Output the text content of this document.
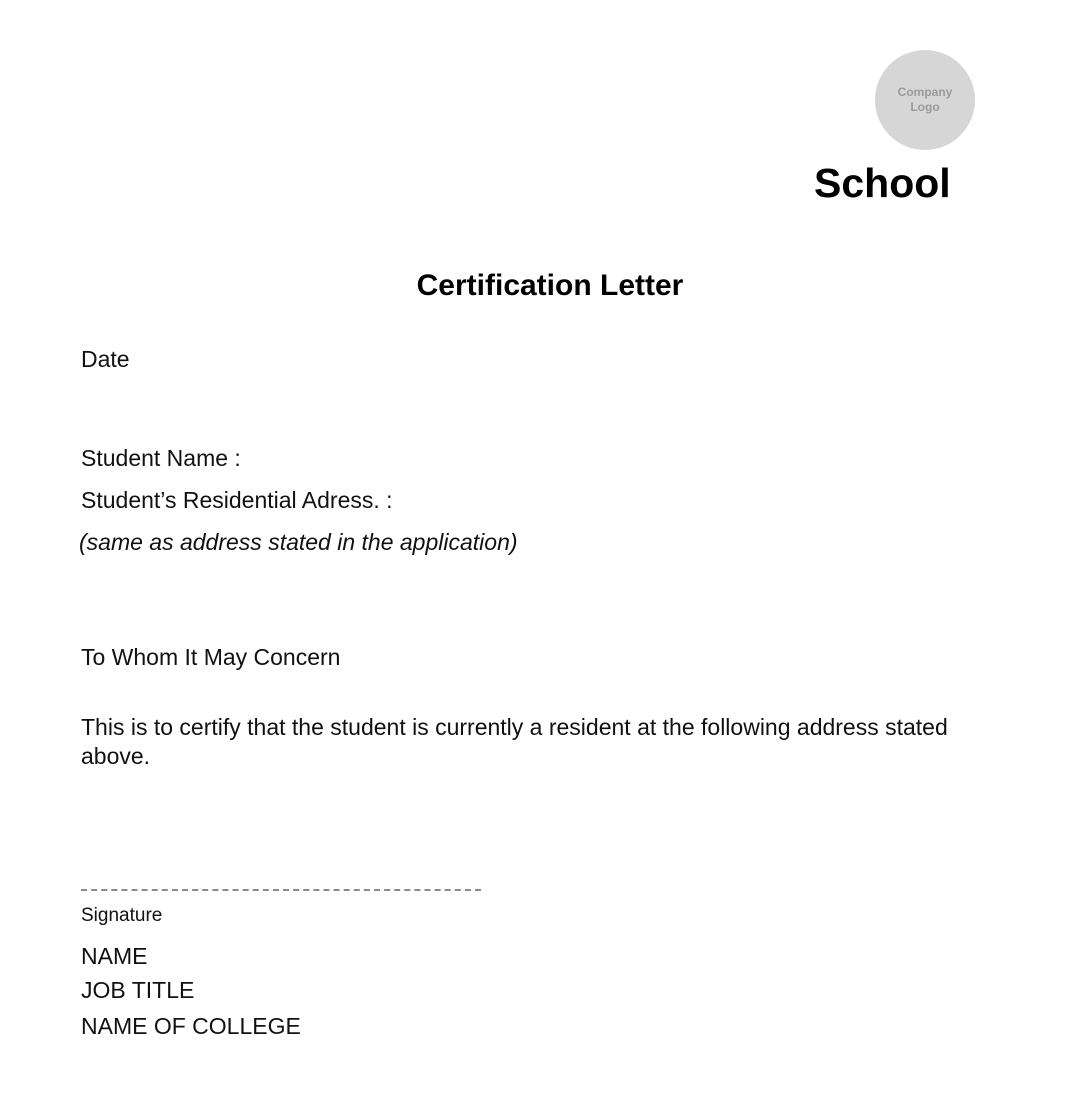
Company Logo
School
Certification Letter
Date
Student Name :
Student’s Residential Adress. :
(same as address stated in the application)
To Whom It May Concern
This is to certify that the student is currently a resident at the following address stated above.
Signature
NAME
JOB TITLE
NAME OF COLLEGE
